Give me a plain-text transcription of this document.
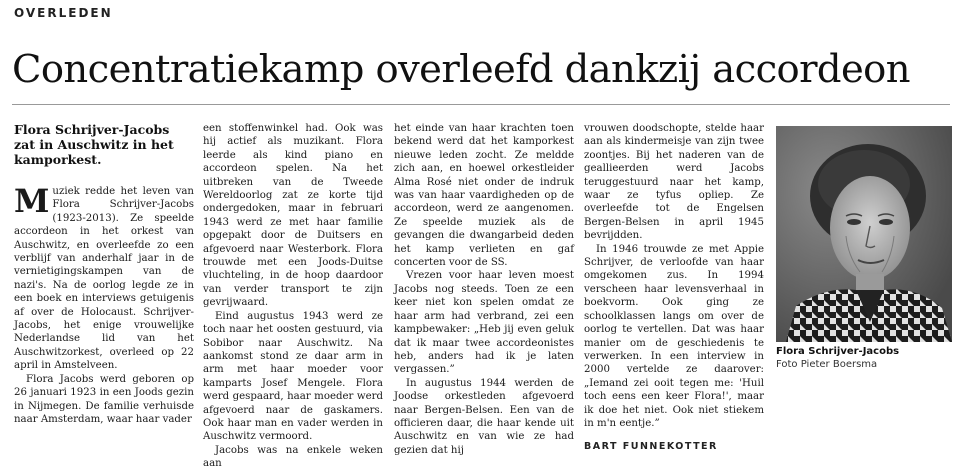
OVERLEDEN
Concentratiekamp overleefd dankzij accordeon
Flora Schrijver-Jacobs zat in Auschwitz in het kamporkest.

Muziek redde het leven van Flora Schrijver-Jacobs (1923-2013). Ze speelde accordeon in het orkest van Auschwitz, en overleefde zo een verblijf van anderhalf jaar in de vernietigingskampen van de nazi's. Na de oorlog legde ze in een boek en interviews getuigenis af over de Holocaust. Schrijver-Jacobs, het enige vrouwelijke Nederlandse lid van het Auschwitzorkest, overleed op 22 april in Amstelveen.

Flora Jacobs werd geboren op 26 januari 1923 in een Joods gezin in Nijmegen. De familie verhuisde naar Amsterdam, waar haar vader

een stoffenwinkel had. Ook was hij actief als muzikant. Flora leerde als kind piano en accordeon spelen. Na het uitbreken van de Tweede Wereldoorlog zat ze korte tijd ondergedoken, maar in februari 1943 werd ze met haar familie opgepakt door de Duitsers en afgevoerd naar Westerbork. Flora trouwde met een Joods-Duitse vluchteling, in de hoop daardoor van verder transport te zijn gevrijwaard.

Eind augustus 1943 werd ze toch naar het oosten gestuurd, via Sobibor naar Auschwitz. Na aankomst stond ze daar arm in arm met haar moeder voor kamparts Josef Mengele. Flora werd gespaard, haar moeder werd afgevoerd naar de gaskamers. Ook haar man en vader werden in Auschwitz vermoord.

Jacobs was na enkele weken aan

het einde van haar krachten toen bekend werd dat het kamporkest nieuwe leden zocht. Ze meldde zich aan, en hoewel orkestleider Alma Rosé niet onder de indruk was van haar vaardigheden op de accordeon, werd ze aangenomen. Ze speelde muziek als de gevangen die dwangarbeid deden het kamp verlieten en gaf concerten voor de SS.

Vrezen voor haar leven moest Jacobs nog steeds. Toen ze een keer niet kon spelen omdat ze haar arm had verbrand, zei een kampbewaker: „Heb jij even geluk dat ik maar twee accordeonistes heb, anders had ik je laten vergassen.”

In augustus 1944 werden de Joodse orkestleden afgevoerd naar Bergen-Belsen. Een van de officieren daar, die haar kende uit Auschwitz en van wie ze had gezien dat hij

vrouwen doodschopte, stelde haar aan als kindermeisje van zijn twee zoontjes. Bij het naderen van de geallieerden werd Jacobs teruggestuurd naar het kamp, waar ze tyfus opliep. Ze overleefde tot de Engelsen Bergen-Belsen in april 1945 bevrijdden.

In 1946 trouwde ze met Appie Schrijver, de verloofde van haar omgekomen zus. In 1994 verscheen haar levensverhaal in boekvorm. Ook ging ze schoolklassen langs om over de oorlog te vertellen. Dat was haar manier om de geschiedenis te verwerken. In een interview in 2000 vertelde ze daarover: „Iemand zei ooit tegen me: 'Huil toch eens een keer Flora!', maar ik doe het niet. Ook niet stiekem in m'n eentje.”

BART FUNNEKOTTER
Flora Schrijver-Jacobs
Foto Pieter Boersma
